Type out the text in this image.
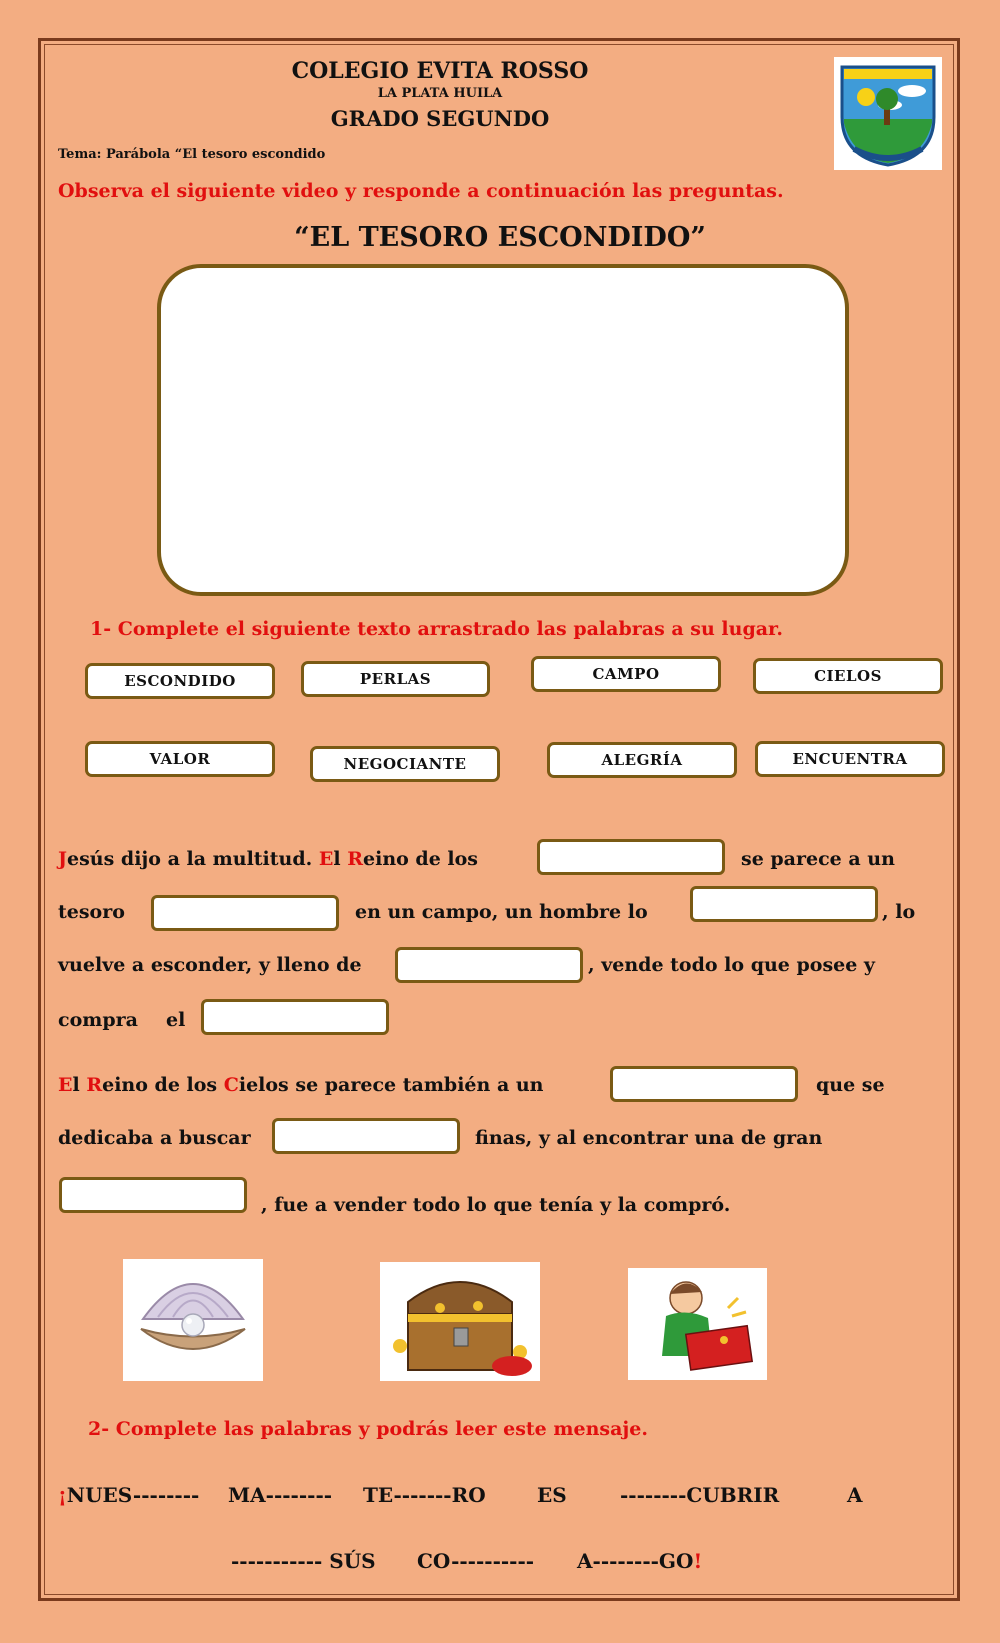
COLEGIO EVITA ROSSO
LA PLATA HUILA
GRADO SEGUNDO
Tema: Parábola “El tesoro escondido
Observa el siguiente video y responde a continuación las preguntas.
“EL TESORO ESCONDIDO”
1- Complete el siguiente texto arrastrado las palabras a su lugar.
ESCONDIDO	PERLAS	CAMPO	CIELOS
VALOR	NEGOCIANTE	ALEGRÍA	ENCUENTRA
Jesús dijo a la multitud. El Reino de los	se parece a un
tesoro	en un campo, un hombre lo	, lo
vuelve a esconder, y lleno de	, vende todo lo que posee y
compra el
El Reino de los Cielos se parece también a un	que se
dedicaba a buscar	finas, y al encontrar una de gran
, fue a vender todo lo que tenía y la compró.
2- Complete las palabras y podrás leer este mensaje.
¡NUES-------- MA-------- TE-------RO	ES	--------CUBRIR	A
----------- SÚS CO---------- A--------GO!
